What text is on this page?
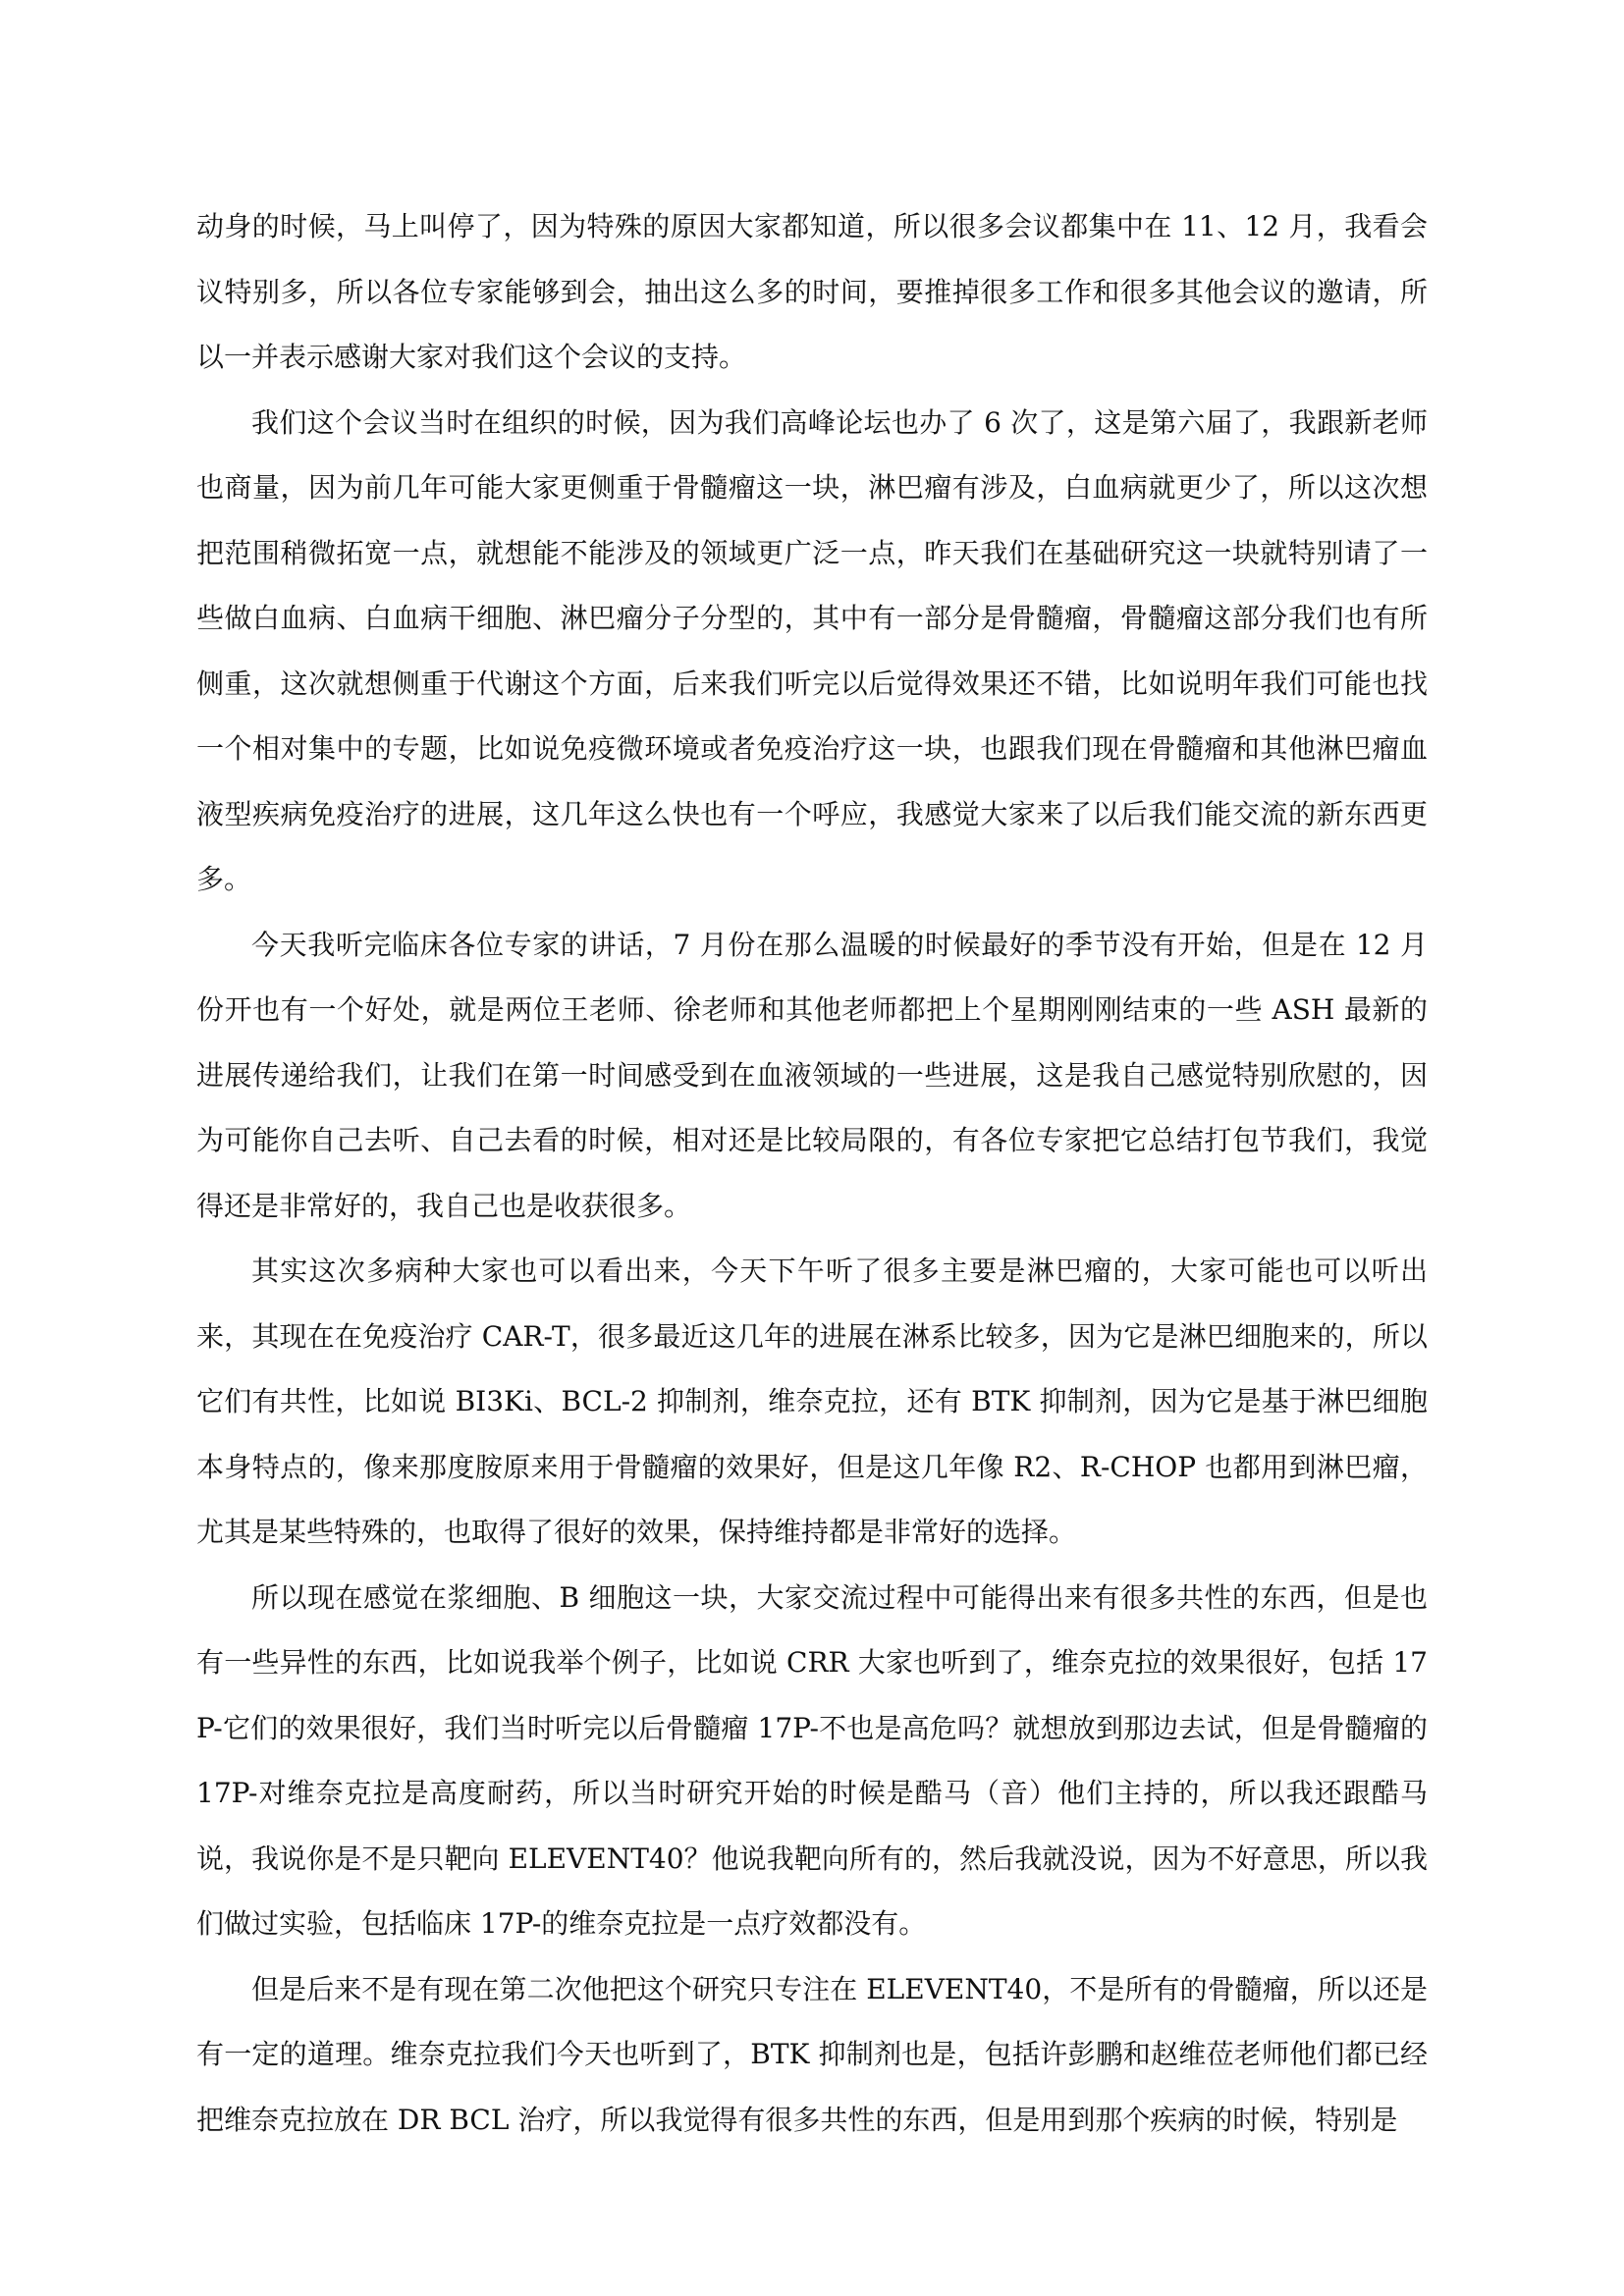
动身的时候，马上叫停了，因为特殊的原因大家都知道，所以很多会议都集中在 11、12 月，我看会议特别多，所以各位专家能够到会，抽出这么多的时间，要推掉很多工作和很多其他会议的邀请，所以一并表示感谢大家对我们这个会议的支持。

我们这个会议当时在组织的时候，因为我们高峰论坛也办了 6 次了，这是第六届了，我跟新老师也商量，因为前几年可能大家更侧重于骨髓瘤这一块，淋巴瘤有涉及，白血病就更少了，所以这次想把范围稍微拓宽一点，就想能不能涉及的领域更广泛一点，昨天我们在基础研究这一块就特别请了一些做白血病、白血病干细胞、淋巴瘤分子分型的，其中有一部分是骨髓瘤，骨髓瘤这部分我们也有所侧重，这次就想侧重于代谢这个方面，后来我们听完以后觉得效果还不错，比如说明年我们可能也找一个相对集中的专题，比如说免疫微环境或者免疫治疗这一块，也跟我们现在骨髓瘤和其他淋巴瘤血液型疾病免疫治疗的进展，这几年这么快也有一个呼应，我感觉大家来了以后我们能交流的新东西更多。

今天我听完临床各位专家的讲话，7 月份在那么温暖的时候最好的季节没有开始，但是在 12 月份开也有一个好处，就是两位王老师、徐老师和其他老师都把上个星期刚刚结束的一些 ASH 最新的进展传递给我们，让我们在第一时间感受到在血液领域的一些进展，这是我自己感觉特别欣慰的，因为可能你自己去听、自己去看的时候，相对还是比较局限的，有各位专家把它总结打包节我们，我觉得还是非常好的，我自己也是收获很多。

其实这次多病种大家也可以看出来，今天下午听了很多主要是淋巴瘤的，大家可能也可以听出来，其现在在免疫治疗 CAR-T，很多最近这几年的进展在淋系比较多，因为它是淋巴细胞来的，所以它们有共性，比如说 BI3Ki、BCL-2 抑制剂，维奈克拉，还有 BTK 抑制剂，因为它是基于淋巴细胞本身特点的，像来那度胺原来用于骨髓瘤的效果好，但是这几年像 R2、R-CHOP 也都用到淋巴瘤，尤其是某些特殊的，也取得了很好的效果，保持维持都是非常好的选择。

所以现在感觉在浆细胞、B 细胞这一块，大家交流过程中可能得出来有很多共性的东西，但是也有一些异性的东西，比如说我举个例子，比如说 CRR 大家也听到了，维奈克拉的效果很好，包括 17P-它们的效果很好，我们当时听完以后骨髓瘤 17P-不也是高危吗？就想放到那边去试，但是骨髓瘤的 17P-对维奈克拉是高度耐药，所以当时研究开始的时候是酷马（音）他们主持的，所以我还跟酷马说，我说你是不是只靶向 ELEVENT40？他说我靶向所有的，然后我就没说，因为不好意思，所以我们做过实验，包括临床 17P-的维奈克拉是一点疗效都没有。

但是后来不是有现在第二次他把这个研究只专注在 ELEVENT40，不是所有的骨髓瘤，所以还是有一定的道理。维奈克拉我们今天也听到了，BTK 抑制剂也是，包括许彭鹏和赵维莅老师他们都已经把维奈克拉放在 DR BCL 治疗，所以我觉得有很多共性的东西，但是用到那个疾病的时候，特别是
